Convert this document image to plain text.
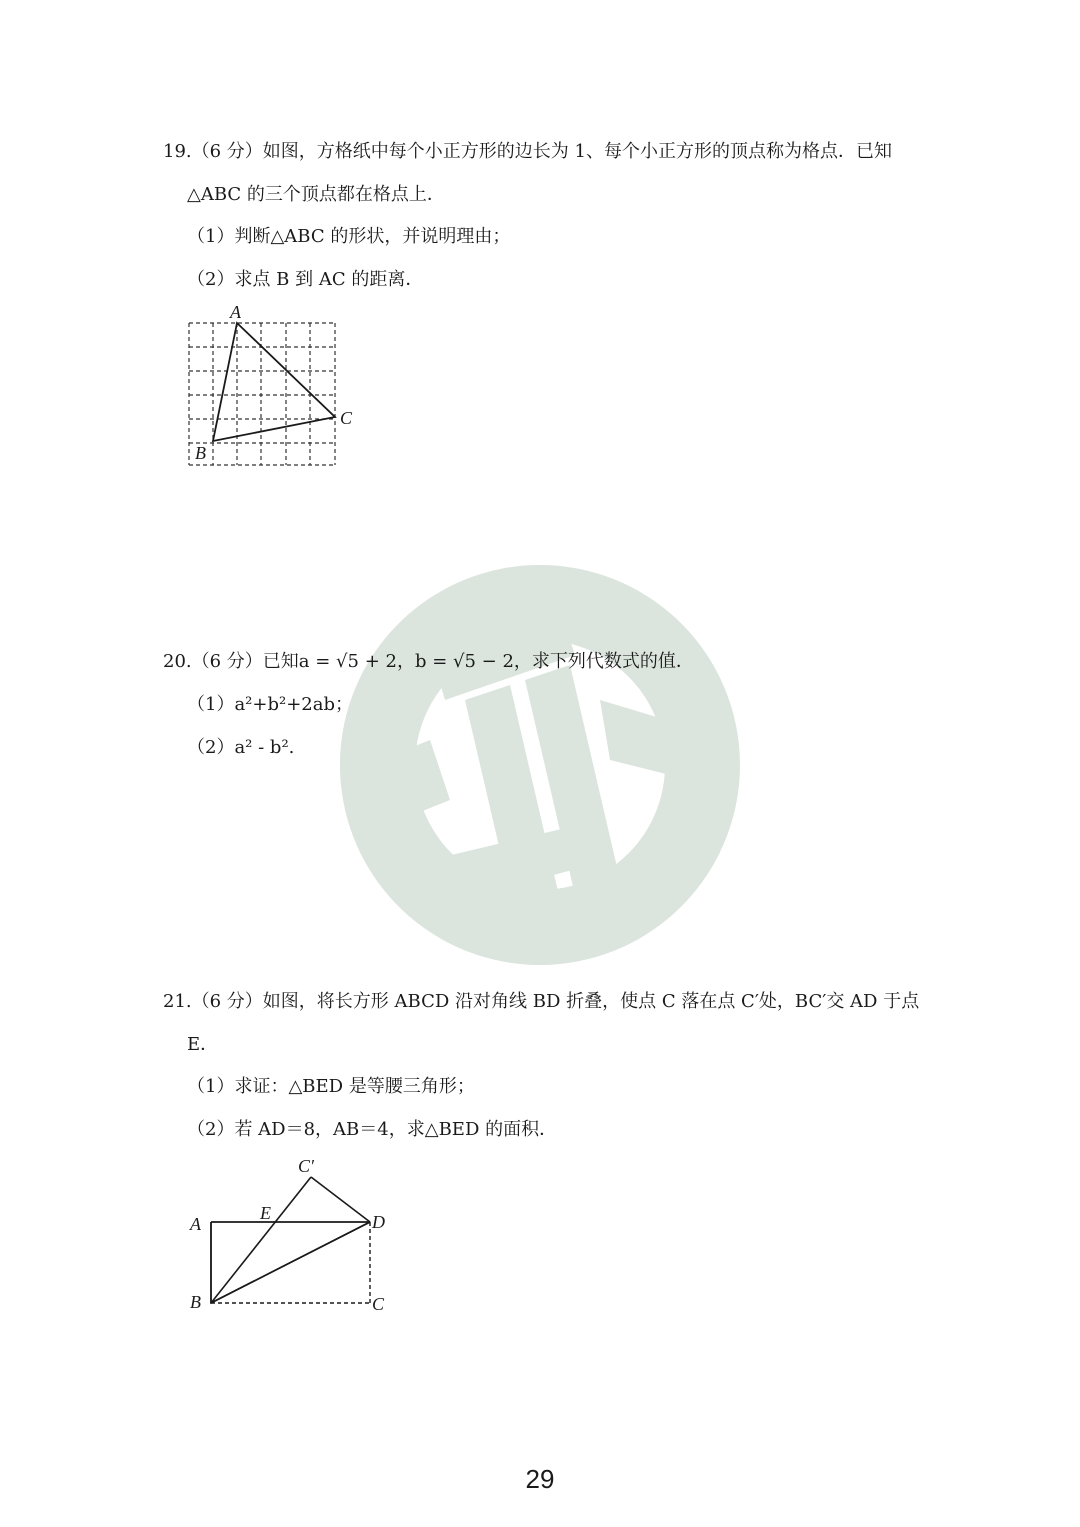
19.（6 分）如图，方格纸中每个小正方形的边长为 1、每个小正方形的顶点称为格点．已知
△ABC 的三个顶点都在格点上．
（1）判断△ABC 的形状，并说明理由；
（2）求点 B 到 AC 的距离．
A
B
C
20.（6 分）已知a = √5 + 2，b = √5 − 2，求下列代数式的值．
（1）a²+b²+2ab；
（2）a² - b².
21.（6 分）如图，将长方形 ABCD 沿对角线 BD 折叠，使点 C 落在点 C′处，BC′交 AD 于点
E．
（1）求证：△BED 是等腰三角形；
（2）若 AD＝8，AB＝4，求△BED 的面积．
C′
A
E	D
B	C
29
